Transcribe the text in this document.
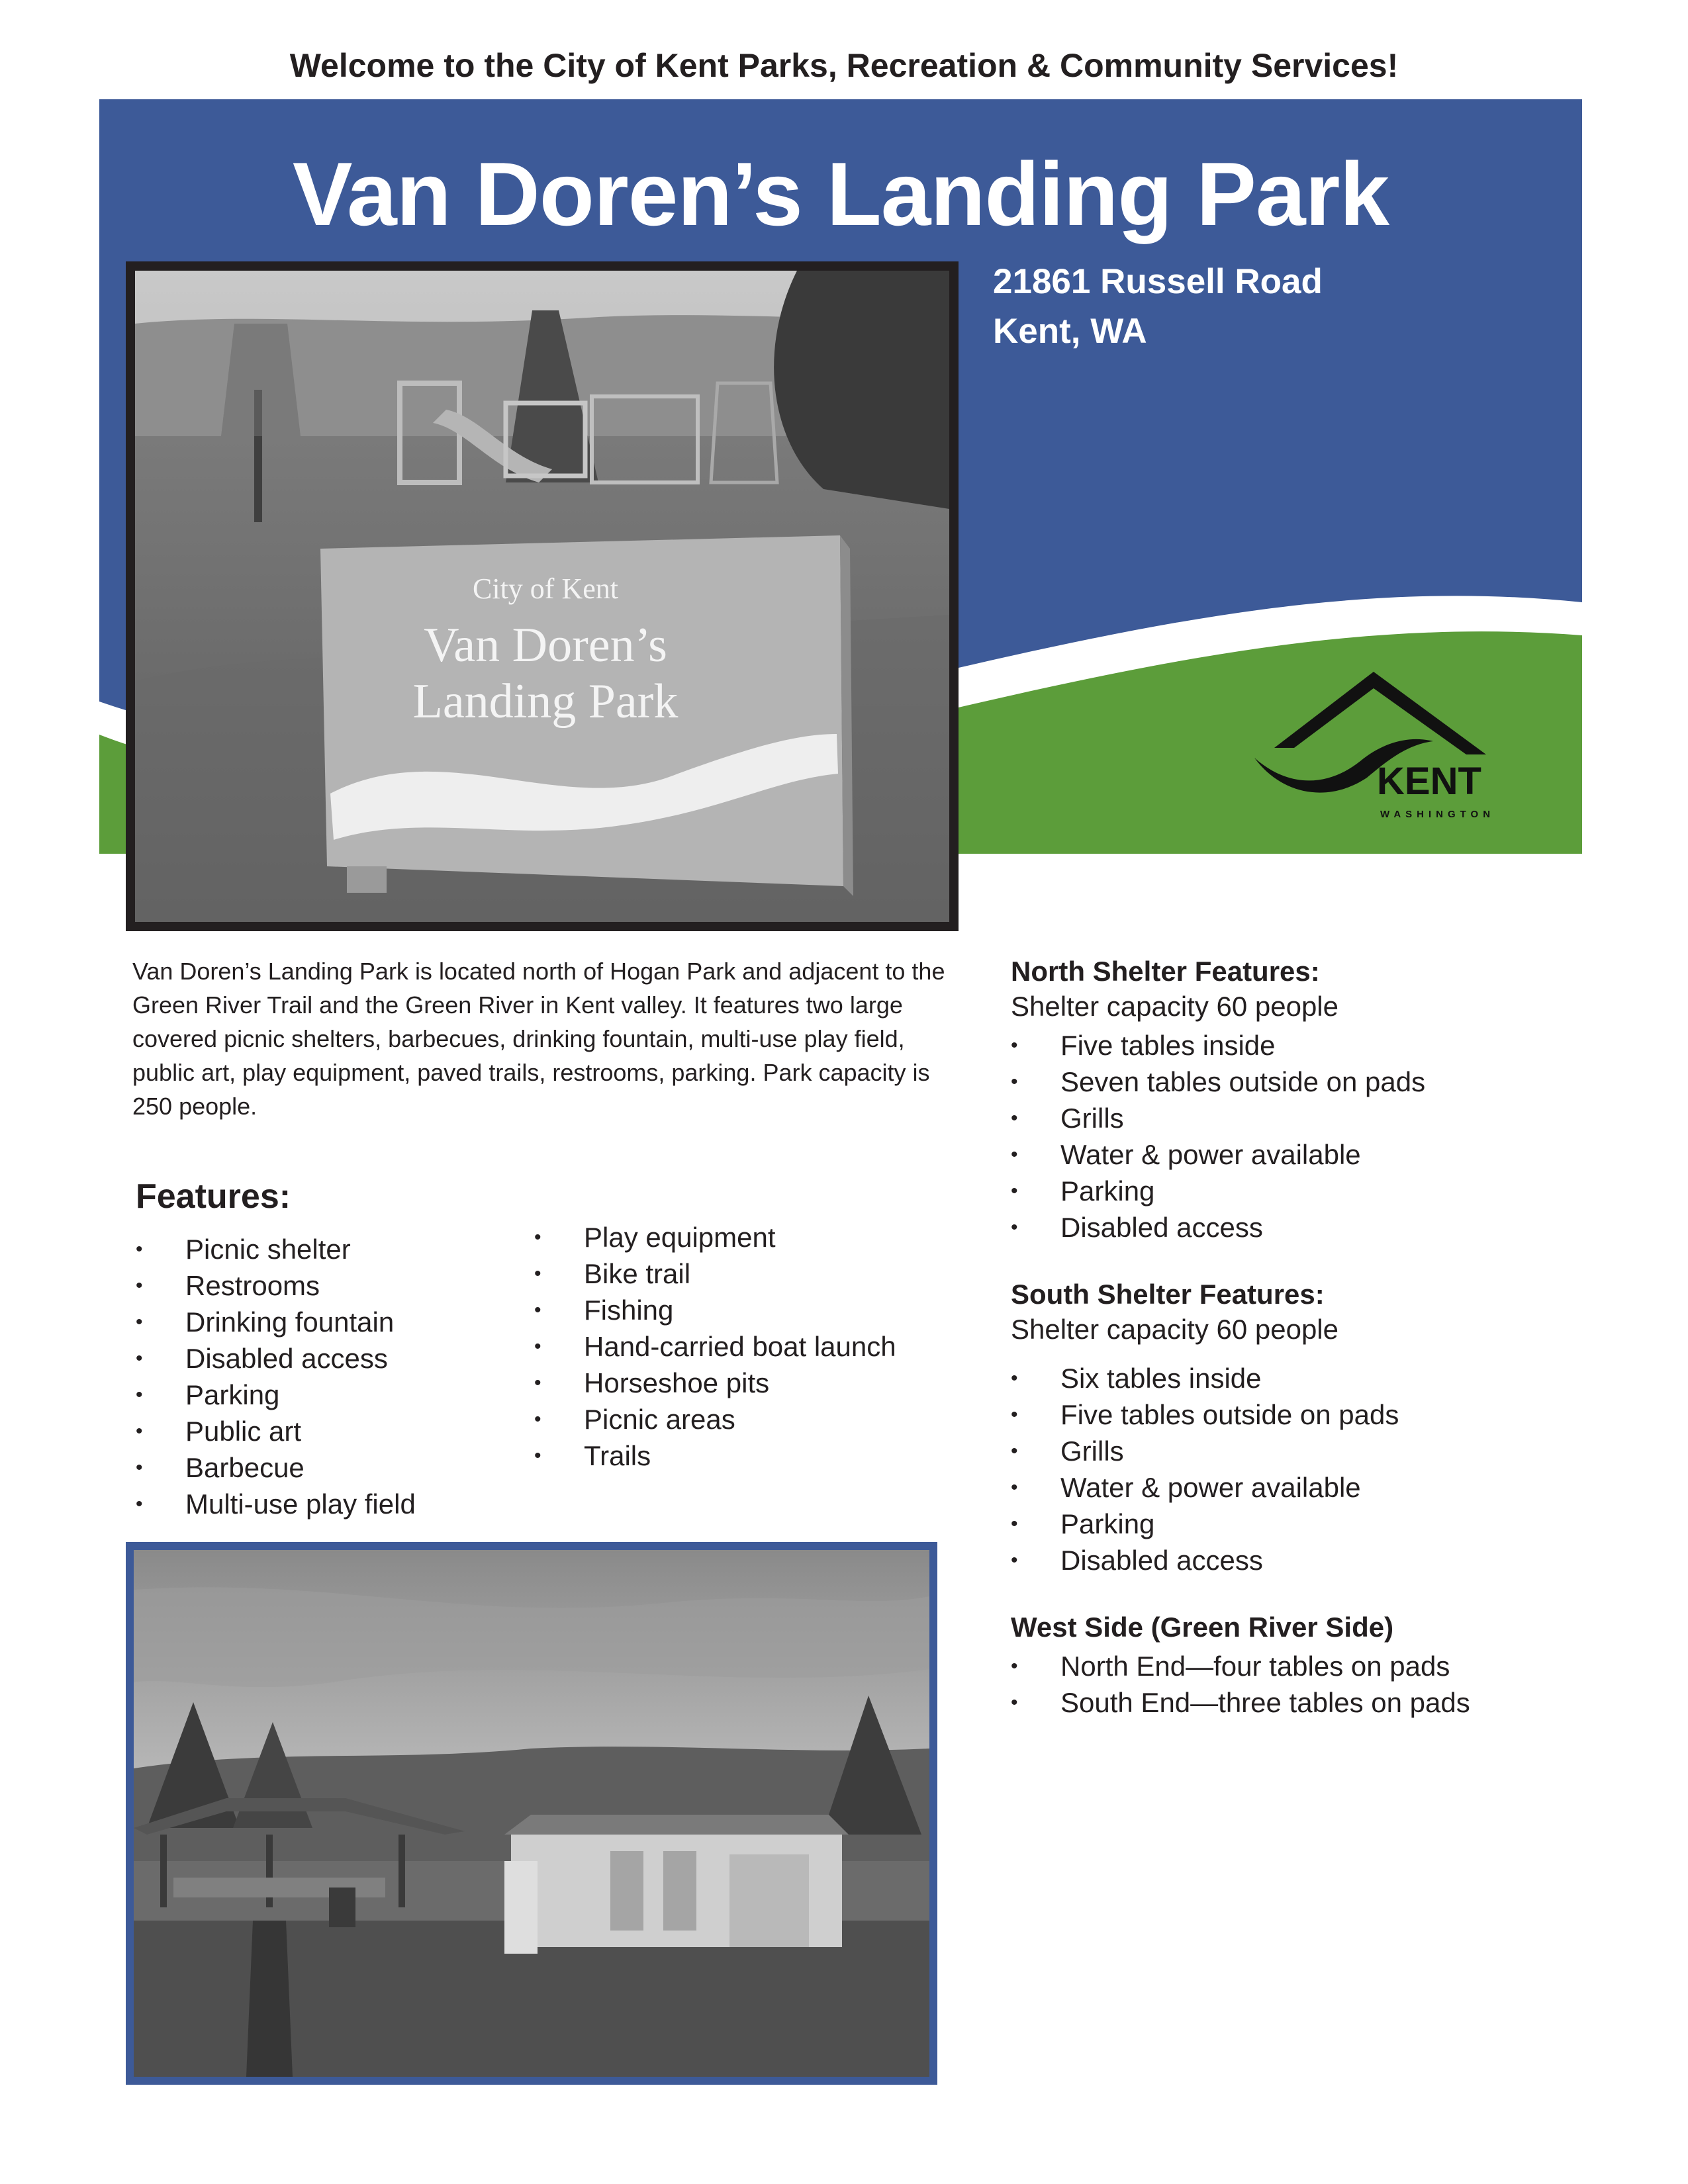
Welcome to the City of Kent Parks, Recreation & Community Services!
Van Doren’s Landing Park
21861 Russell Road
Kent, WA
City of Kent
Van Doren’s
Landing Park
KENT
WASHINGTON
Van Doren’s Landing Park is located north of Hogan Park and adjacent to the Green River Trail and the Green River in Kent valley. It features two large covered picnic shelters, barbecues, drinking fountain, multi-use play field, public art, play equipment, paved trails, restrooms, parking. Park capacity is 250 people.
Features:
• Picnic shelter
• Restrooms
• Drinking fountain
• Disabled access
• Parking
• Public art
• Barbecue
• Multi-use play field
• Play equipment
• Bike trail
• Fishing
• Hand-carried boat launch
• Horseshoe pits
• Picnic areas
• Trails
North Shelter Features:
Shelter capacity 60 people
• Five tables inside
• Seven tables outside on pads
• Grills
• Water & power available
• Parking
• Disabled access
South Shelter Features:
Shelter capacity 60 people
• Six tables inside
• Five tables outside on pads
• Grills
• Water & power available
• Parking
• Disabled access
West Side (Green River Side)
• North End—four tables on pads
• South End—three tables on pads
